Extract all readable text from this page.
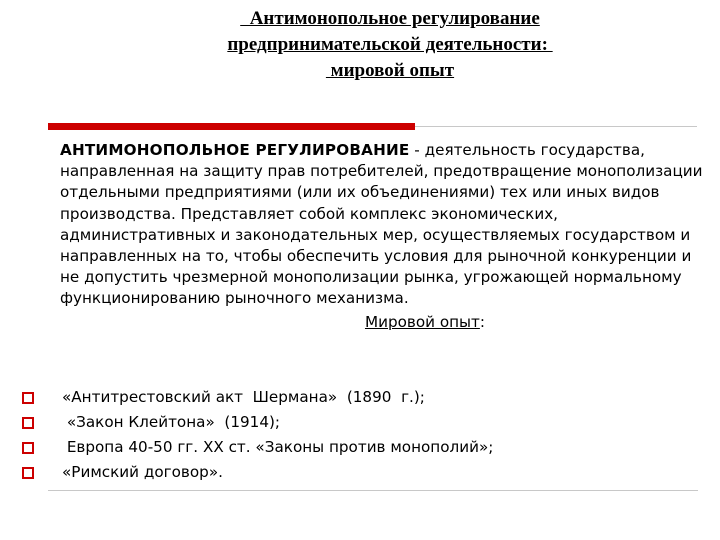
Антимонопольное регулирование
предпринимательской деятельности:
мировой опыт
АНТИМОНОПОЛЬНОЕ РЕГУЛИРОВАНИЕ - деятельность государства, направленная на защиту прав потребителей, предотвращение монополизации отдельными предприятиями (или их объединениями) тех или иных видов производства. Представляет собой комплекс экономических, административных и законодательных мер, осуществляемых государством и направленных на то, чтобы обеспечить условия для рыночной конкуренции и не допустить чрезмерной монополизации рынка, угрожающей нормальному функционированию рыночного механизма.
Мировой опыт:
«Антитрестовский акт  Шермана»  (1890  г.);
«Закон Клейтона»  (1914);
Европа 40-50 гг. XX ст. «Законы против монополий»;
«Римский договор».
